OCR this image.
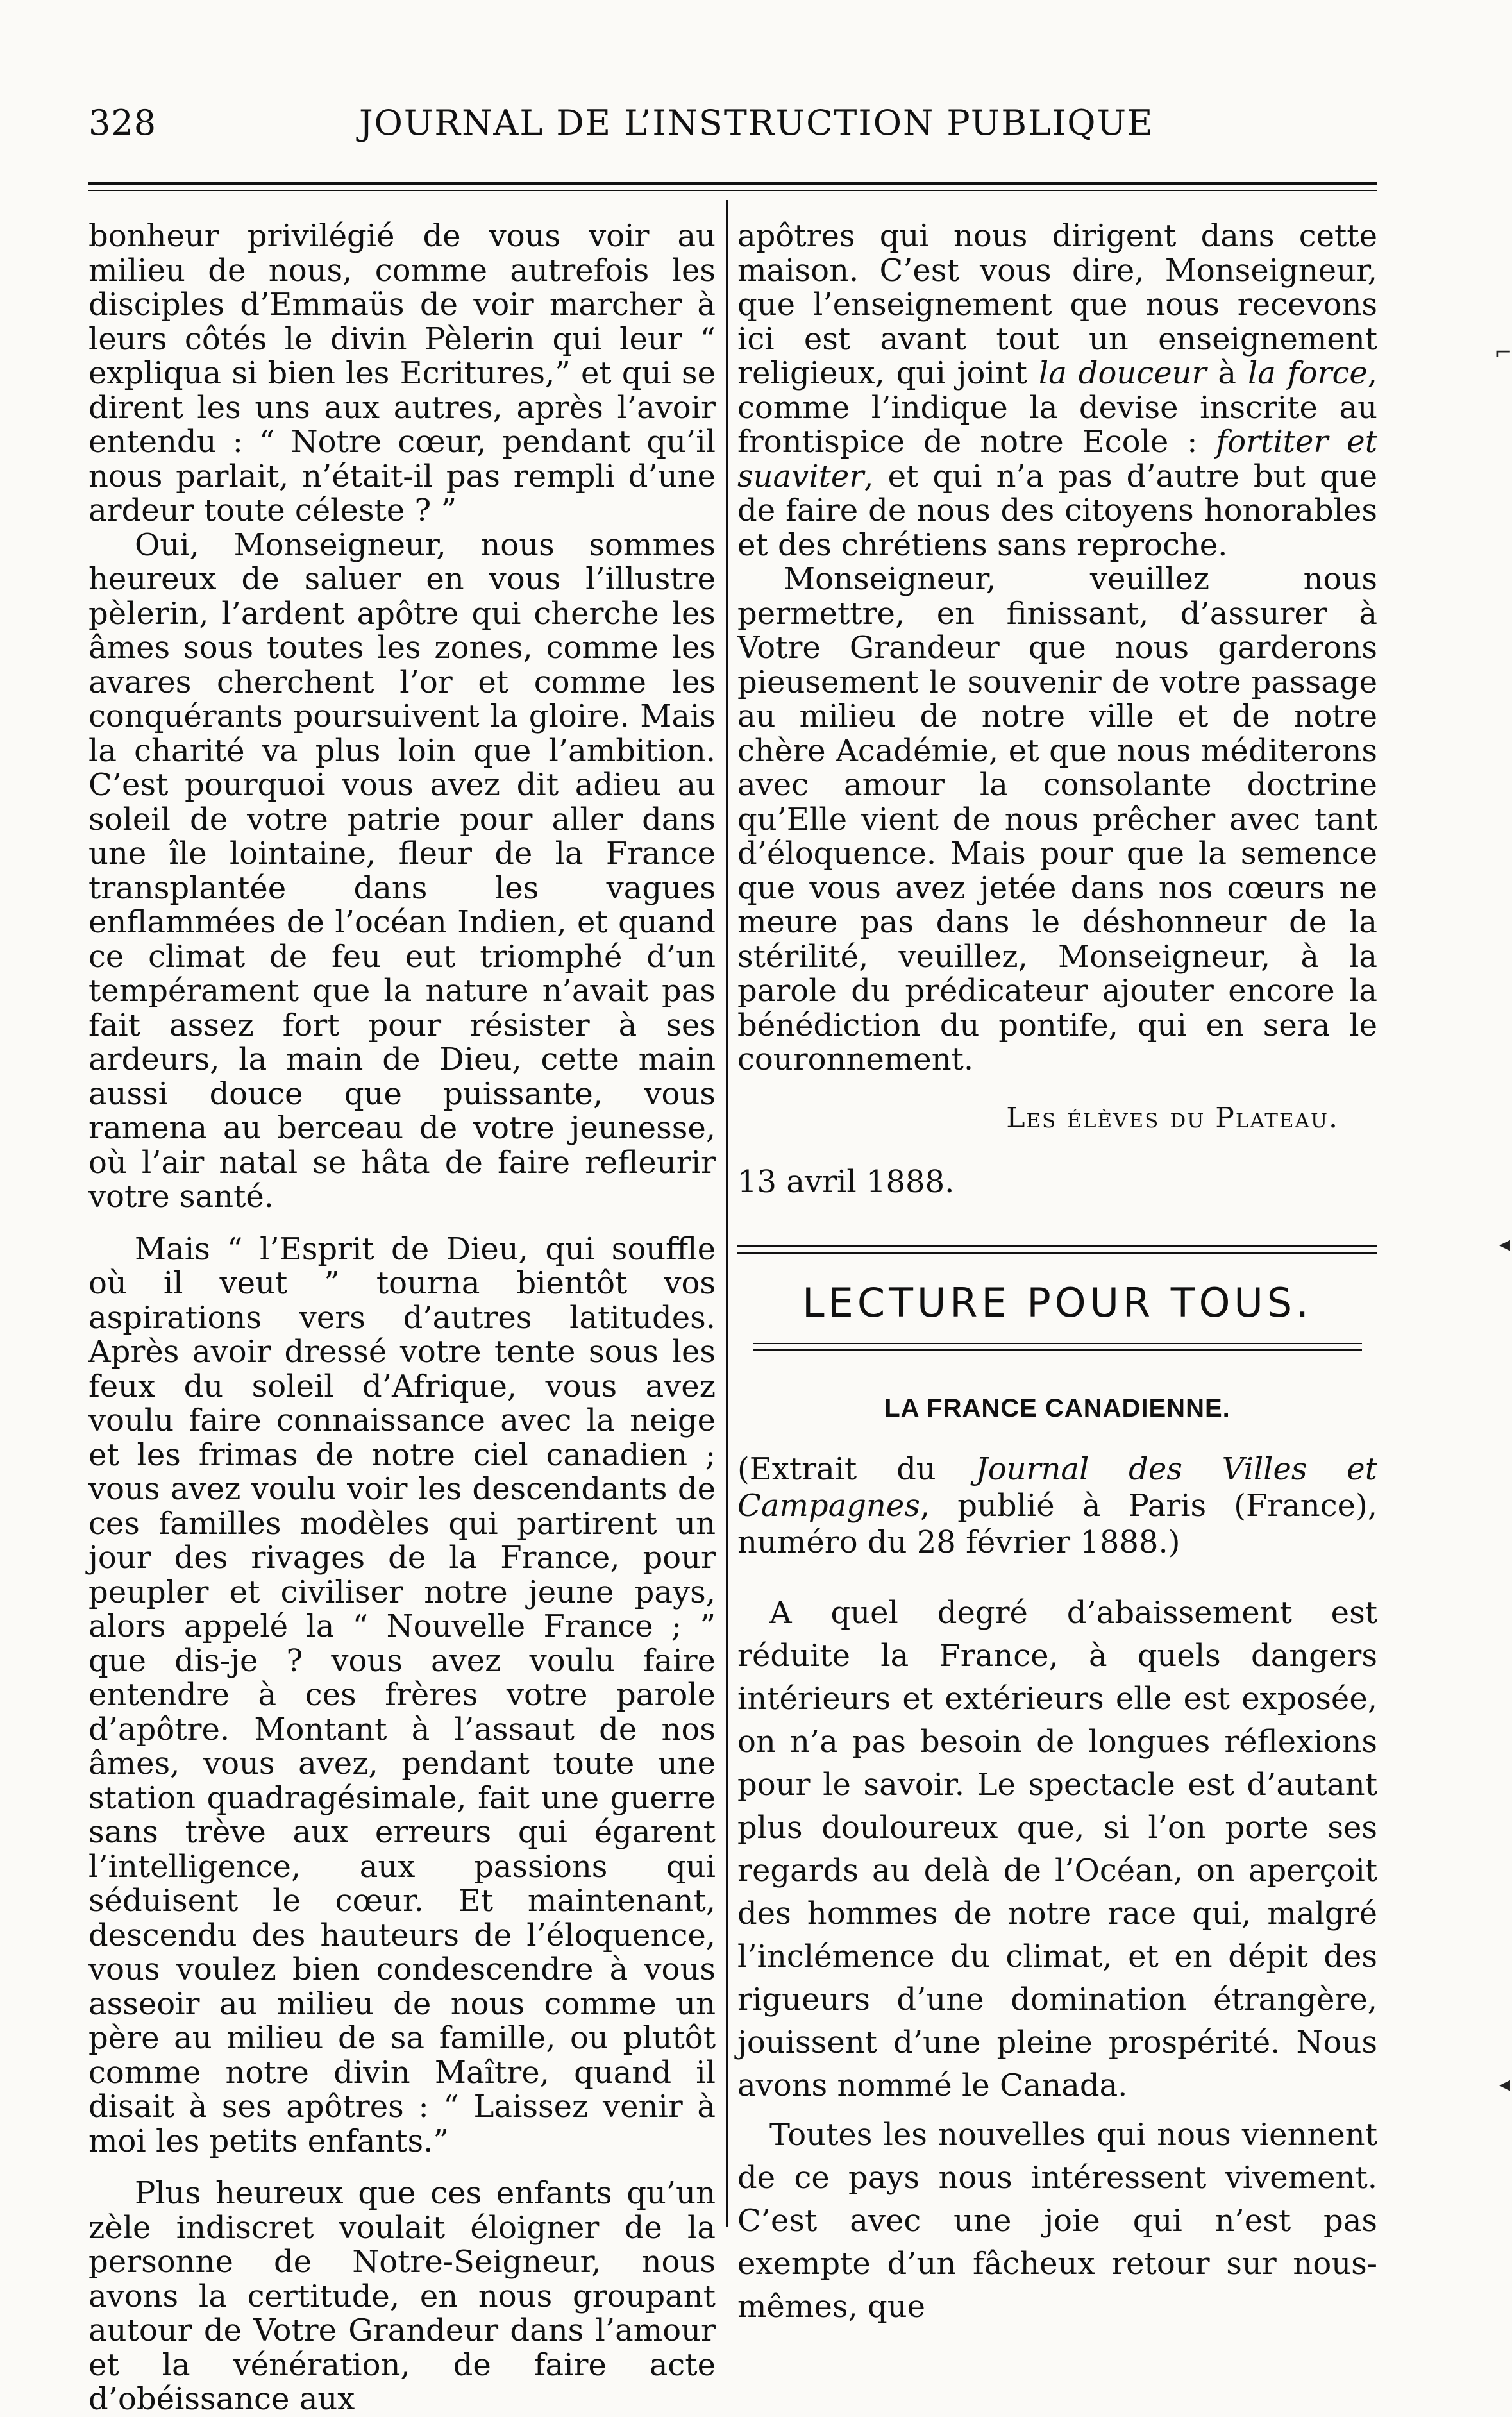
328	JOURNAL DE L’INSTRUCTION PUBLIQUE

bonheur privilégié de vous voir au milieu de nous, comme autrefois les disciples d’Emmaüs de voir marcher à leurs côtés le divin Pèlerin qui leur “ expliqua si bien les Ecritures,” et qui se dirent les uns aux autres, après l’avoir entendu : “ Notre cœur, pendant qu’il nous parlait, n’était-il pas rempli d’une ardeur toute céleste ? ”

Oui, Monseigneur, nous sommes heureux de saluer en vous l’illustre pèlerin, l’ardent apôtre qui cherche les âmes sous toutes les zones, comme les avares cherchent l’or et comme les conquérants poursuivent la gloire. Mais la charité va plus loin que l’ambition. C’est pourquoi vous avez dit adieu au soleil de votre patrie pour aller dans une île lointaine, fleur de la France transplantée dans les vagues enflammées de l’océan Indien, et quand ce climat de feu eut triomphé d’un tempérament que la nature n’avait pas fait assez fort pour résister à ses ardeurs, la main de Dieu, cette main aussi douce que puissante, vous ramena au berceau de votre jeunesse, où l’air natal se hâta de faire refleurir votre santé.

Mais “ l’Esprit de Dieu, qui souffle où il veut ” tourna bientôt vos aspirations vers d’autres latitudes. Après avoir dressé votre tente sous les feux du soleil d’Afrique, vous avez voulu faire connaissance avec la neige et les frimas de notre ciel canadien ; vous avez voulu voir les descendants de ces familles modèles qui partirent un jour des rivages de la France, pour peupler et civiliser notre jeune pays, alors appelé la “ Nouvelle France ; ” que dis-je ? vous avez voulu faire entendre à ces frères votre parole d’apôtre. Montant à l’assaut de nos âmes, vous avez, pendant toute une station quadragésimale, fait une guerre sans trève aux erreurs qui égarent l’intelligence, aux passions qui séduisent le cœur. Et maintenant, descendu des hauteurs de l’éloquence, vous voulez bien condescendre à vous asseoir au milieu de nous comme un père au milieu de sa famille, ou plutôt comme notre divin Maître, quand il disait à ses apôtres : “ Laissez venir à moi les petits enfants.”

Plus heureux que ces enfants qu’un zèle indiscret voulait éloigner de la personne de Notre-Seigneur, nous avons la certitude, en nous groupant autour de Votre Grandeur dans l’amour et la vénération, de faire acte d’obéissance aux

apôtres qui nous dirigent dans cette maison. C’est vous dire, Monseigneur, que l’enseignement que nous recevons ici est avant tout un enseignement religieux, qui joint la douceur à la force, comme l’indique la devise inscrite au frontispice de notre Ecole : fortiter et suaviter, et qui n’a pas d’autre but que de faire de nous des citoyens honorables et des chrétiens sans reproche.

Monseigneur, veuillez nous permettre, en finissant, d’assurer à Votre Grandeur que nous garderons pieusement le souvenir de votre passage au milieu de notre ville et de notre chère Académie, et que nous méditerons avec amour la consolante doctrine qu’Elle vient de nous prêcher avec tant d’éloquence. Mais pour que la semence que vous avez jetée dans nos cœurs ne meure pas dans le déshonneur de la stérilité, veuillez, Monseigneur, à la parole du prédicateur ajouter encore la bénédiction du pontife, qui en sera le couronnement.

Les élèves du Plateau.
13 avril 1888.
LECTURE POUR TOUS.
LA FRANCE CANADIENNE.

(Extrait du Journal des Villes et Campagnes, publié à Paris (France), numéro du 28 février 1888.)

A quel degré d’abaissement est réduite la France, à quels dangers intérieurs et extérieurs elle est exposée, on n’a pas besoin de longues réflexions pour le savoir. Le spectacle est d’autant plus douloureux que, si l’on porte ses regards au delà de l’Océan, on aperçoit des hommes de notre race qui, malgré l’inclémence du climat, et en dépit des rigueurs d’une domination étrangère, jouissent d’une pleine prospérité. Nous avons nommé le Canada.

Toutes les nouvelles qui nous viennent de ce pays nous intéressent vivement. C’est avec une joie qui n’est pas exempte d’un fâcheux retour sur nous-mêmes, que

⌐
◂
◂
